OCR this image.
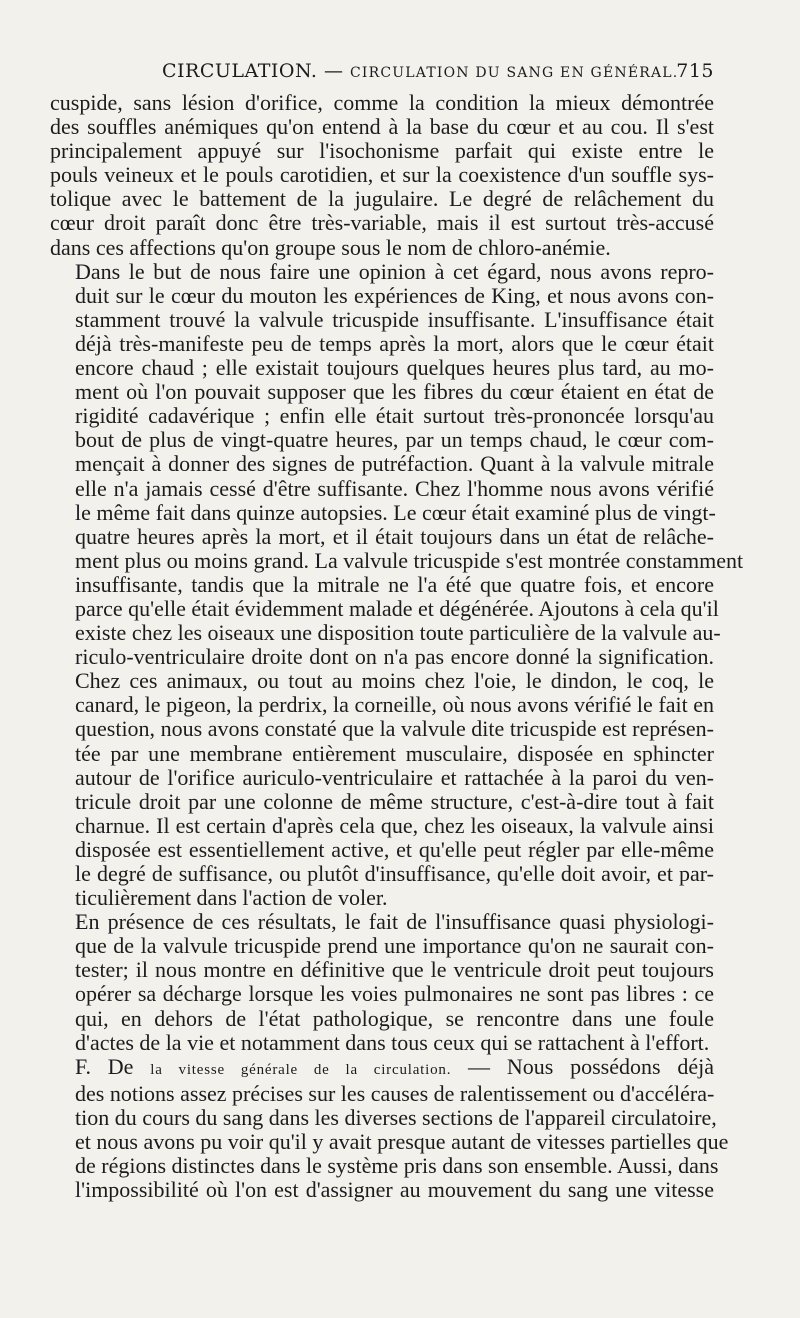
CIRCULATION. — CIRCULATION DU SANG EN GÉNÉRAL.
715

cuspide, sans lésion d'orifice, comme la condition la mieux démontrée
des souffles anémiques qu'on entend à la base du cœur et au cou. Il s'est
principalement appuyé sur l'isochonisme parfait qui existe entre le
pouls veineux et le pouls carotidien, et sur la coexistence d'un souffle sys-
tolique avec le battement de la jugulaire. Le degré de relâchement du
cœur droit paraît donc être très-variable, mais il est surtout très-accusé
dans ces affections qu'on groupe sous le nom de chloro-anémie.

Dans le but de nous faire une opinion à cet égard, nous avons repro-
duit sur le cœur du mouton les expériences de King, et nous avons con-
stamment trouvé la valvule tricuspide insuffisante. L'insuffisance était
déjà très-manifeste peu de temps après la mort, alors que le cœur était
encore chaud ; elle existait toujours quelques heures plus tard, au mo-
ment où l'on pouvait supposer que les fibres du cœur étaient en état de
rigidité cadavérique ; enfin elle était surtout très-prononcée lorsqu'au
bout de plus de vingt-quatre heures, par un temps chaud, le cœur com-
mençait à donner des signes de putréfaction. Quant à la valvule mitrale
elle n'a jamais cessé d'être suffisante. Chez l'homme nous avons vérifié
le même fait dans quinze autopsies. Le cœur était examiné plus de vingt-
quatre heures après la mort, et il était toujours dans un état de relâche-
ment plus ou moins grand. La valvule tricuspide s'est montrée constamment
insuffisante, tandis que la mitrale ne l'a été que quatre fois, et encore
parce qu'elle était évidemment malade et dégénérée. Ajoutons à cela qu'il
existe chez les oiseaux une disposition toute particulière de la valvule au-
riculo-ventriculaire droite dont on n'a pas encore donné la signification.
Chez ces animaux, ou tout au moins chez l'oie, le dindon, le coq, le
canard, le pigeon, la perdrix, la corneille, où nous avons vérifié le fait en
question, nous avons constaté que la valvule dite tricuspide est représen-
tée par une membrane entièrement musculaire, disposée en sphincter
autour de l'orifice auriculo-ventriculaire et rattachée à la paroi du ven-
tricule droit par une colonne de même structure, c'est-à-dire tout à fait
charnue. Il est certain d'après cela que, chez les oiseaux, la valvule ainsi
disposée est essentiellement active, et qu'elle peut régler par elle-même
le degré de suffisance, ou plutôt d'insuffisance, qu'elle doit avoir, et par-
ticulièrement dans l'action de voler.

En présence de ces résultats, le fait de l'insuffisance quasi physiologi-
que de la valvule tricuspide prend une importance qu'on ne saurait con-
tester; il nous montre en définitive que le ventricule droit peut toujours
opérer sa décharge lorsque les voies pulmonaires ne sont pas libres : ce
qui, en dehors de l'état pathologique, se rencontre dans une foule
d'actes de la vie et notamment dans tous ceux qui se rattachent à l'effort.

F. De la vitesse générale de la circulation. — Nous possédons déjà
des notions assez précises sur les causes de ralentissement ou d'accéléra-
tion du cours du sang dans les diverses sections de l'appareil circulatoire,
et nous avons pu voir qu'il y avait presque autant de vitesses partielles que
de régions distinctes dans le système pris dans son ensemble. Aussi, dans
l'impossibilité où l'on est d'assigner au mouvement du sang une vitesse
